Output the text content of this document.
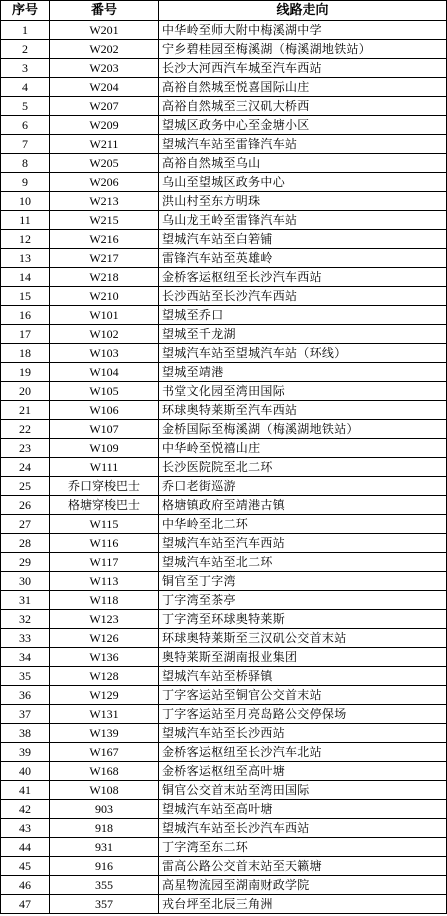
序号	番号	线路走向
1	W201	中华岭至师大附中梅溪湖中学
2	W202	宁乡碧桂园至梅溪湖（梅溪湖地铁站）
3	W203	长沙大河西汽车城至汽车西站
4	W204	高裕自然城至悦喜国际山庄
5	W207	高裕自然城至三汉矶大桥西
6	W209	望城区政务中心至金塘小区
7	W211	望城汽车站至雷锋汽车站
8	W205	高裕自然城至乌山
9	W206	乌山至望城区政务中心
10	W213	洪山村至东方明珠
11	W215	乌山龙王岭至雷锋汽车站
12	W216	望城汽车站至白箬铺
13	W217	雷锋汽车站至英雄岭
14	W218	金桥客运枢纽至长沙汽车西站
15	W210	长沙西站至长沙汽车西站
16	W101	望城至乔口
17	W102	望城至千龙湖
18	W103	望城汽车站至望城汽车站（环线）
19	W104	望城至靖港
20	W105	书堂文化园至湾田国际
21	W106	环球奥特莱斯至汽车西站
22	W107	金桥国际至梅溪湖（梅溪湖地铁站）
23	W109	中华岭至悦禧山庄
24	W111	长沙医院院至北二环
25	乔口穿梭巴士	乔口老街巡游
26	格塘穿梭巴士	格塘镇政府至靖港古镇
27	W115	中华岭至北二环
28	W116	望城汽车站至汽车西站
29	W117	望城汽车站至北二环
30	W113	铜官至丁字湾
31	W118	丁字湾至茶亭
32	W123	丁字湾至环球奥特莱斯
33	W126	环球奥特莱斯至三汉矶公交首末站
34	W136	奥特莱斯至湖南报业集团
35	W128	望城汽车站至桥驿镇
36	W129	丁字客运站至铜官公交首末站
37	W131	丁字客运站至月亮岛路公交停保场
38	W139	望城汽车站至长沙西站
39	W167	金桥客运枢纽至长沙汽车北站
40	W168	金桥客运枢纽至高叶塘
41	W108	铜官公交首末站至湾田国际
42	903	望城汽车站至高叶塘
43	918	望城汽车站至长沙汽车西站
44	931	丁字湾至东二环
45	916	雷高公路公交首末站至天籁塘
46	355	高星物流园至湖南财政学院
47	357	戎台坪至北辰三角洲
